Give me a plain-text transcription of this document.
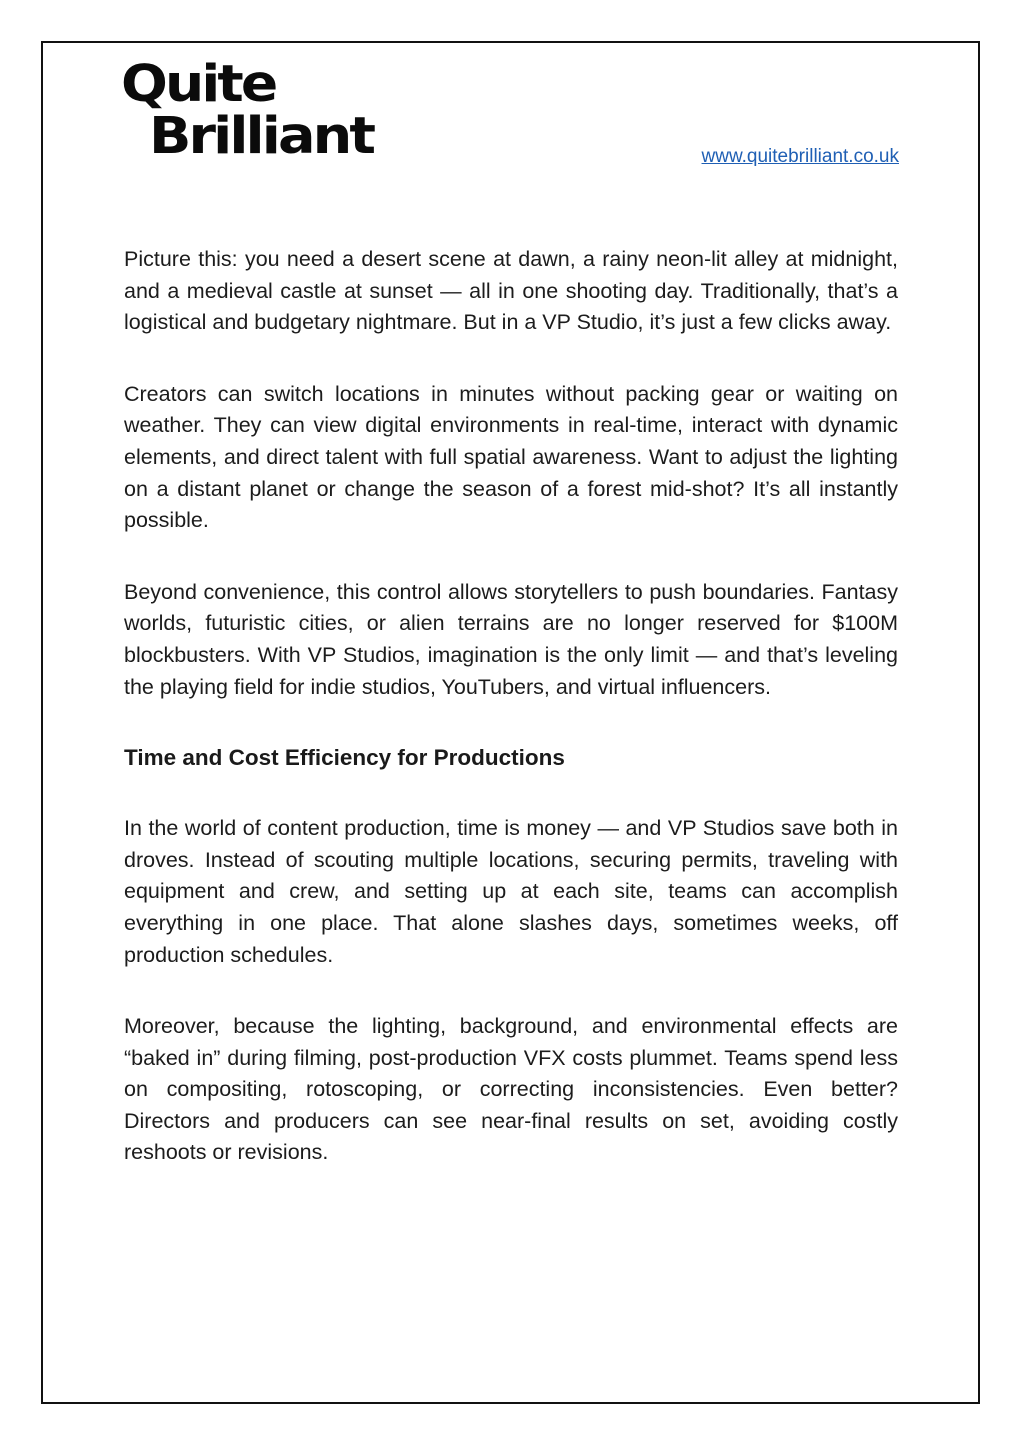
Quite
Brilliant	www.quitebrilliant.co.uk

Picture this: you need a desert scene at dawn, a rainy neon-lit alley at midnight, and a medieval castle at sunset — all in one shooting day. Traditionally, that’s a logistical and budgetary nightmare. But in a VP Studio, it’s just a few clicks away.

Creators can switch locations in minutes without packing gear or waiting on weather. They can view digital environments in real-time, interact with dynamic elements, and direct talent with full spatial awareness. Want to adjust the lighting on a distant planet or change the season of a forest mid-shot? It’s all instantly possible.

Beyond convenience, this control allows storytellers to push boundaries. Fantasy worlds, futuristic cities, or alien terrains are no longer reserved for $100M blockbusters. With VP Studios, imagination is the only limit — and that’s leveling the playing field for indie studios, YouTubers, and virtual influencers.

Time and Cost Efficiency for Productions

In the world of content production, time is money — and VP Studios save both in droves. Instead of scouting multiple locations, securing permits, traveling with equipment and crew, and setting up at each site, teams can accomplish everything in one place. That alone slashes days, sometimes weeks, off production schedules.

Moreover, because the lighting, background, and environmental effects are “baked in” during filming, post-production VFX costs plummet. Teams spend less on compositing, rotoscoping, or correcting inconsistencies. Even better? Directors and producers can see near-final results on set, avoiding costly reshoots or revisions.
